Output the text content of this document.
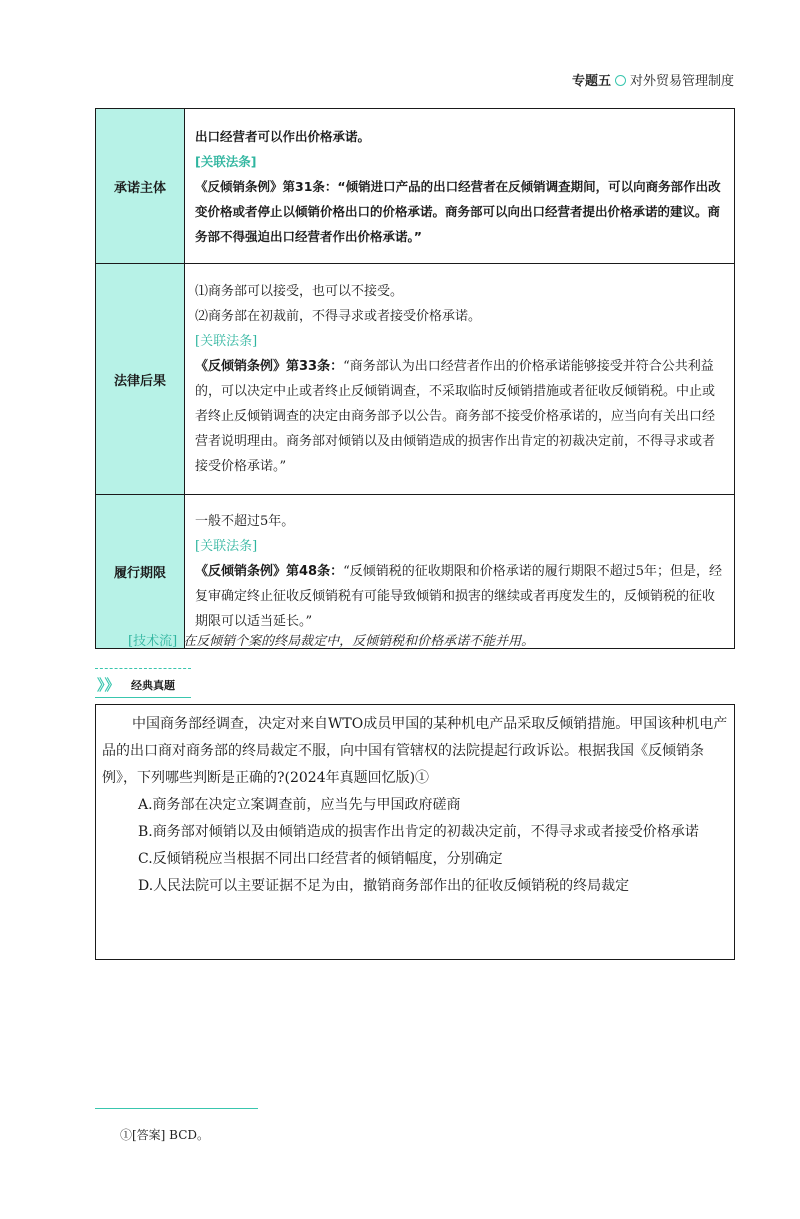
专题五 对外贸易管理制度
承诺主体	出口经营者可以作出价格承诺。
[关联法条]
《反倾销条例》第31条：“倾销进口产品的出口经营者在反倾销调查期间，可以向商务部作出改变价格或者停止以倾销价格出口的价格承诺。商务部可以向出口经营者提出价格承诺的建议。商务部不得强迫出口经营者作出价格承诺。”

法律后果	⑴商务部可以接受，也可以不接受。
⑵商务部在初裁前，不得寻求或者接受价格承诺。
[关联法条]
《反倾销条例》第33条：“商务部认为出口经营者作出的价格承诺能够接受并符合公共利益的，可以决定中止或者终止反倾销调查，不采取临时反倾销措施或者征收反倾销税。中止或者终止反倾销调查的决定由商务部予以公告。商务部不接受价格承诺的，应当向有关出口经营者说明理由。商务部对倾销以及由倾销造成的损害作出肯定的初裁决定前，不得寻求或者接受价格承诺。”

履行期限	一般不超过5年。
[关联法条]
《反倾销条例》第48条：“反倾销税的征收期限和价格承诺的履行期限不超过5年；但是，经复审确定终止征收反倾销税有可能导致倾销和损害的继续或者再度发生的，反倾销税的征收期限可以适当延长。”
[技术流] 在反倾销个案的终局裁定中，反倾销税和价格承诺不能并用。
》》 经典真题

中国商务部经调查，决定对来自WTO成员甲国的某种机电产品采取反倾销措施。甲国该种机电产品的出口商对商务部的终局裁定不服，向中国有管辖权的法院提起行政诉讼。根据我国《反倾销条例》，下列哪些判断是正确的?(2024年真题回忆版)①

A.商务部在决定立案调查前，应当先与甲国政府磋商

B.商务部对倾销以及由倾销造成的损害作出肯定的初裁决定前，不得寻求或者接受价格承诺

C.反倾销税应当根据不同出口经营者的倾销幅度，分别确定

D.人民法院可以主要证据不足为由，撤销商务部作出的征收反倾销税的终局裁定

①[答案] BCD。
